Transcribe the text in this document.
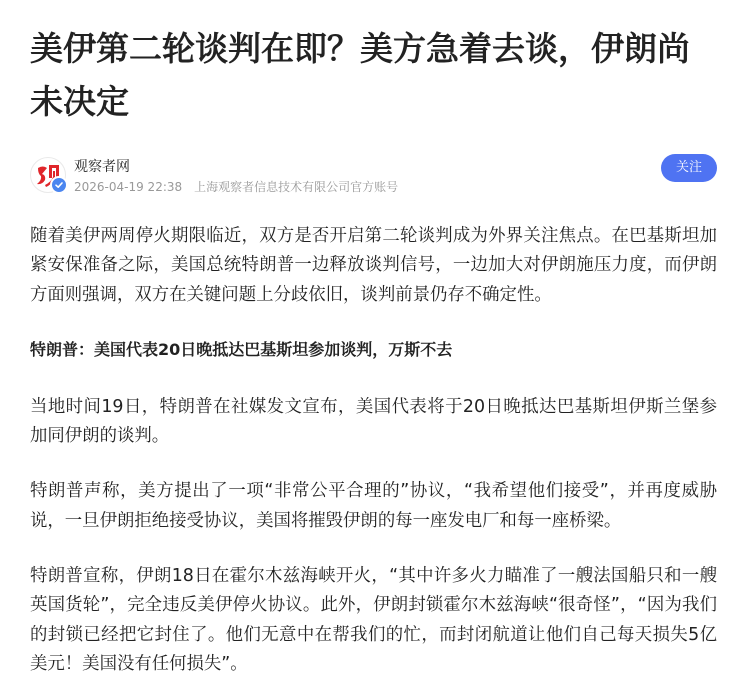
美伊第二轮谈判在即？美方急着去谈，伊朗尚未决定
观察者网
2026-04-19 22:38 上海观察者信息技术有限公司官方账号
关注

随着美伊两周停火期限临近，双方是否开启第二轮谈判成为外界关注焦点。在巴基斯坦加紧安保准备之际，美国总统特朗普一边释放谈判信号，一边加大对伊朗施压力度，而伊朗方面则强调，双方在关键问题上分歧依旧，谈判前景仍存不确定性。

特朗普：美国代表20日晚抵达巴基斯坦参加谈判，万斯不去

当地时间19日，特朗普在社媒发文宣布，美国代表将于20日晚抵达巴基斯坦伊斯兰堡参加同伊朗的谈判。

特朗普声称，美方提出了一项“非常公平合理的”协议，“我希望他们接受”，并再度威胁说，一旦伊朗拒绝接受协议，美国将摧毁伊朗的每一座发电厂和每一座桥梁。

特朗普宣称，伊朗18日在霍尔木兹海峡开火，“其中许多火力瞄准了一艘法国船只和一艘英国货轮”，完全违反美伊停火协议。此外，伊朗封锁霍尔木兹海峡“很奇怪”，“因为我们的封锁已经把它封住了。他们无意中在帮我们的忙，而封闭航道让他们自己每天损失5亿美元！美国没有任何损失”。
